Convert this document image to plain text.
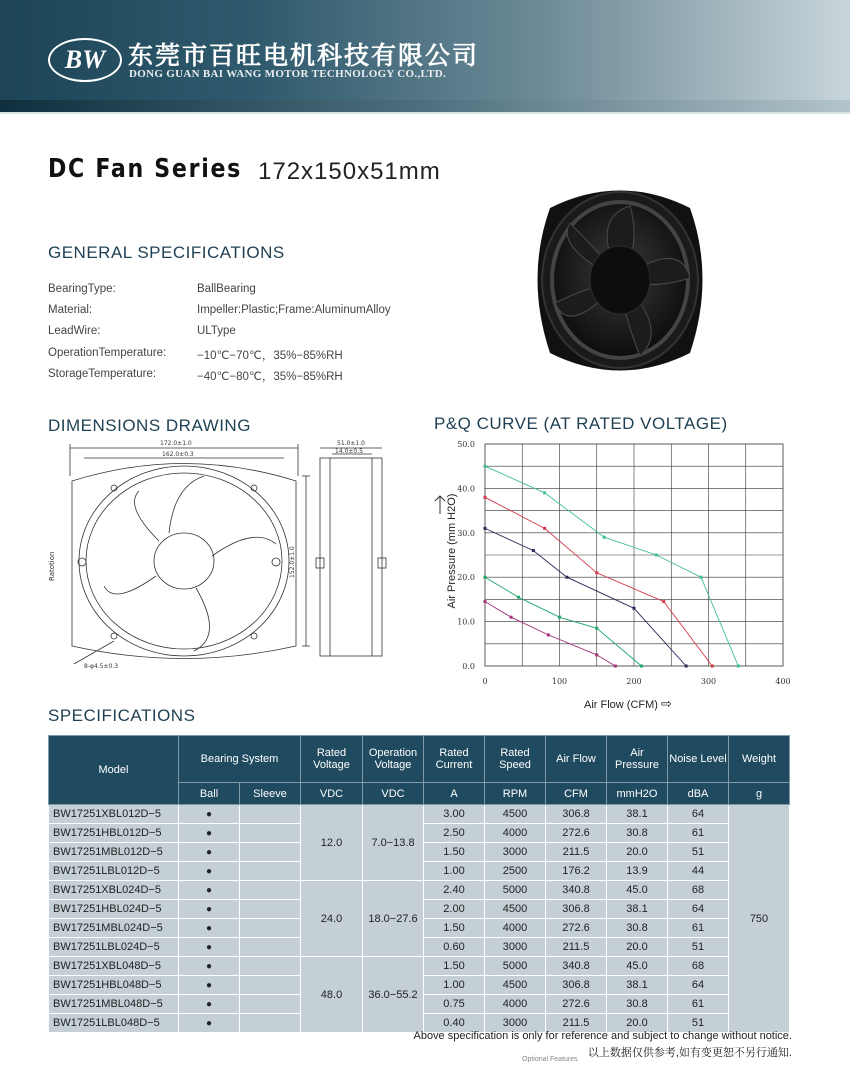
BW 东莞市百旺电机科技有限公司
DONG GUAN BAI WANG MOTOR TECHNOLOGY CO.,LTD.
DC Fan Series 172x150x51mm
GENERAL SPECIFICATIONS
BearingType:	BallBearing
Material:	Impeller:Plastic;Frame:AluminumAlloy
LeadWire:	ULType
OperationTemperature:	−10℃−70℃，35%−85%RH
StorageTemperature:	−40℃−80℃，35%−85%RH
DIMENSIONS DRAWING
172.0±1.0
162.0±0.3
51.0±1.0
14.0±0.5
152.0±1.0
8-φ4.5±0.3
Ratotion
P&Q CURVE (AT RATED VOLTAGE)
0	100	200	300	400
0.0
10.0
20.0
30.0
40.0
50.0
Air Pressure (mm H2O)
Air Flow (CFM) ⇨
SPECIFICATIONS
Model	Bearing System		Rated Voltage	Operation Voltage	Rated Current	Rated Speed	Air Flow	Air Pressure	Noise Level	Weight
	Ball	Sleeve	VDC	VDC	A	RPM	CFM	mmH2O	dBA	g
BW17251XBL012D−5	●		12.0	7.0−13.8	3.00	4500	306.8	38.1	64	750
BW17251HBL012D−5	●				2.50	4000	272.6	30.8	61	
BW17251MBL012D−5	●				1.50	3000	211.5	20.0	51	
BW17251LBL012D−5	●				1.00	2500	176.2	13.9	44	
BW17251XBL024D−5	●		24.0	18.0−27.6	2.40	5000	340.8	45.0	68	
BW17251HBL024D−5	●				2.00	4500	306.8	38.1	64	
BW17251MBL024D−5	●				1.50	4000	272.6	30.8	61	
BW17251LBL024D−5	●				0.60	3000	211.5	20.0	51	
BW17251XBL048D−5	●		48.0	36.0−55.2	1.50	5000	340.8	45.0	68	
BW17251HBL048D−5	●				1.00	4500	306.8	38.1	64	
BW17251MBL048D−5	●				0.75	4000	272.6	30.8	61	
BW17251LBL048D−5	●				0.40	3000	211.5	20.0	51	
Above specification is only for reference and subject to change without notice.
以上数据仅供参考,如有变更恕不另行通知.
Optional Features
